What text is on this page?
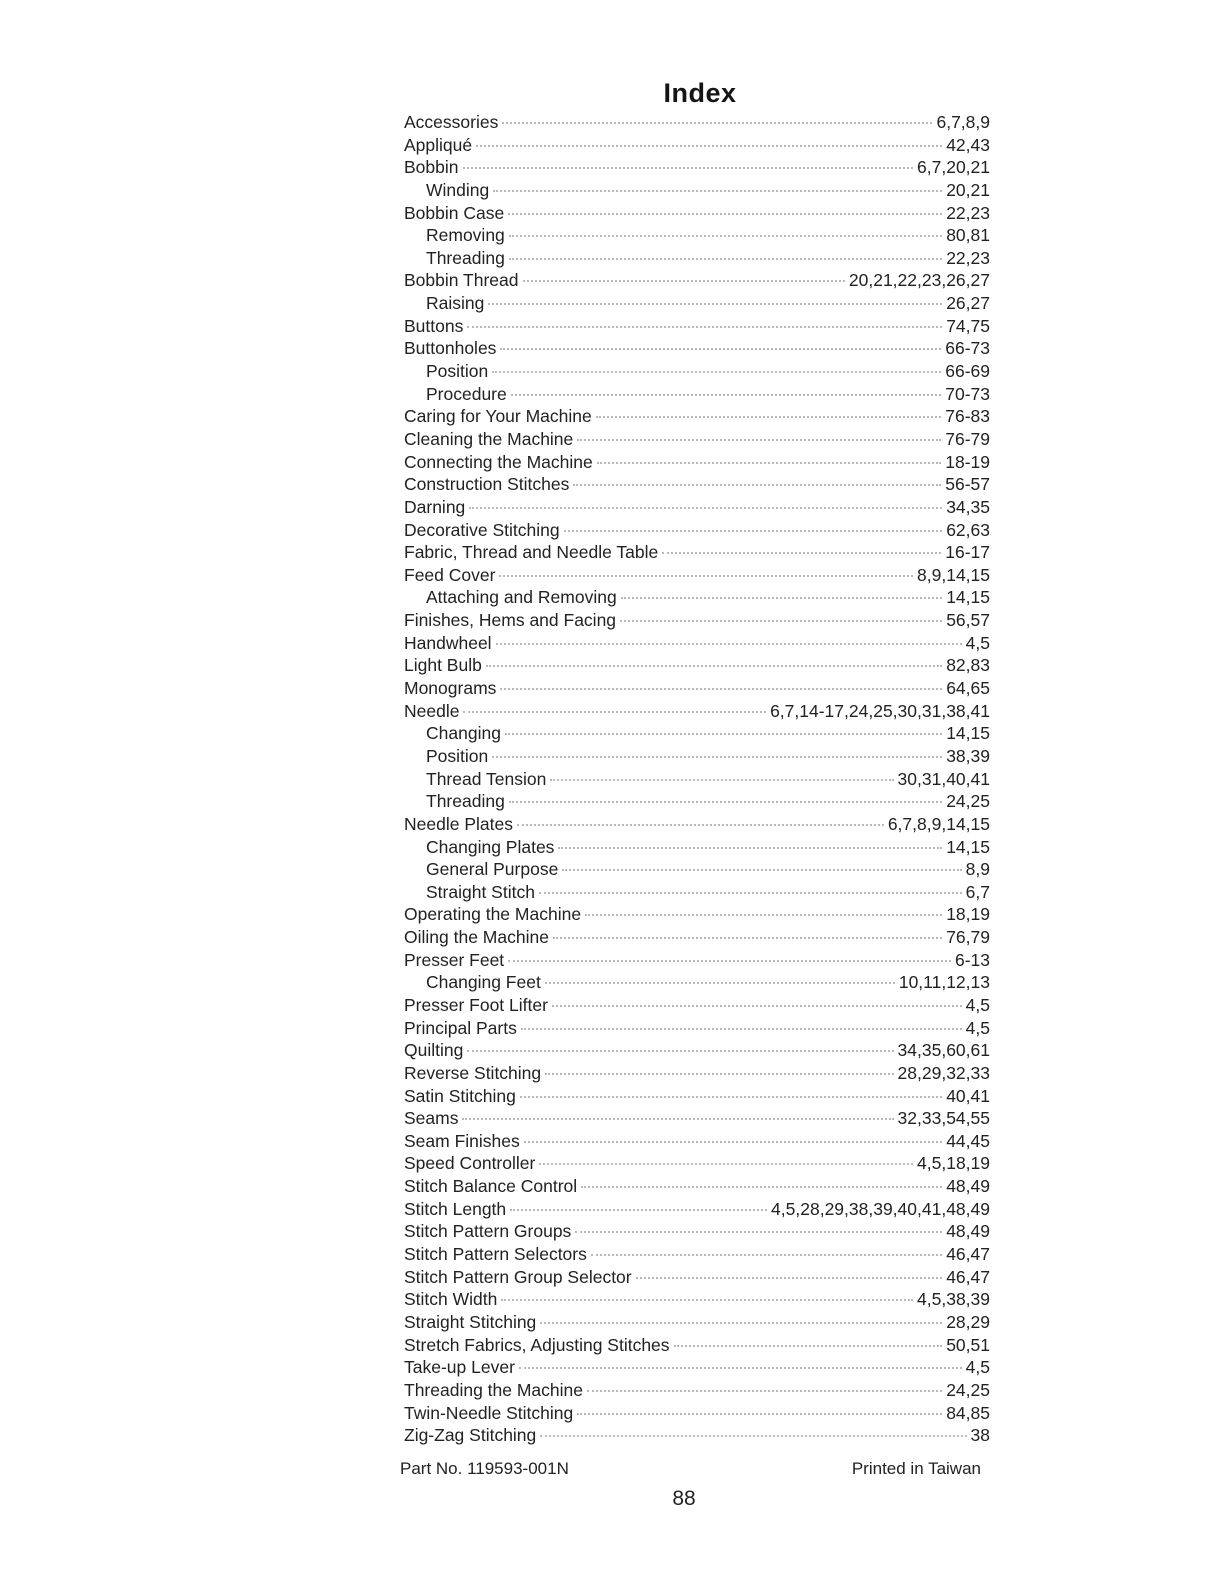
Index
Accessories	6,7,8,9
Appliqué	42,43
Bobbin	6,7,20,21
Winding	20,21
Bobbin Case	22,23
Removing	80,81
Threading	22,23
Bobbin Thread	20,21,22,23,26,27
Raising	26,27
Buttons	74,75
Buttonholes	66-73
Position	66-69
Procedure	70-73
Caring for Your Machine	76-83
Cleaning the Machine	76-79
Connecting the Machine	18-19
Construction Stitches	56-57
Darning	34,35
Decorative Stitching	62,63
Fabric, Thread and Needle Table	16-17
Feed Cover	8,9,14,15
Attaching and Removing	14,15
Finishes, Hems and Facing	56,57
Handwheel	4,5
Light Bulb	82,83
Monograms	64,65
Needle	6,7,14-17,24,25,30,31,38,41
Changing	14,15
Position	38,39
Thread Tension	30,31,40,41
Threading	24,25
Needle Plates	6,7,8,9,14,15
Changing Plates	14,15
General Purpose	8,9
Straight Stitch	6,7
Operating the Machine	18,19
Oiling the Machine	76,79
Presser Feet	6-13
Changing Feet	10,11,12,13
Presser Foot Lifter	4,5
Principal Parts	4,5
Quilting	34,35,60,61
Reverse Stitching	28,29,32,33
Satin Stitching	40,41
Seams	32,33,54,55
Seam Finishes	44,45
Speed Controller	4,5,18,19
Stitch Balance Control	48,49
Stitch Length	4,5,28,29,38,39,40,41,48,49
Stitch Pattern Groups	48,49
Stitch Pattern Selectors	46,47
Stitch Pattern Group Selector	46,47
Stitch Width	4,5,38,39
Straight Stitching	28,29
Stretch Fabrics, Adjusting Stitches	50,51
Take-up Lever	4,5
Threading the Machine	24,25
Twin-Needle Stitching	84,85
Zig-Zag Stitching	38
Part No. 119593-001N	Printed in Taiwan
88
